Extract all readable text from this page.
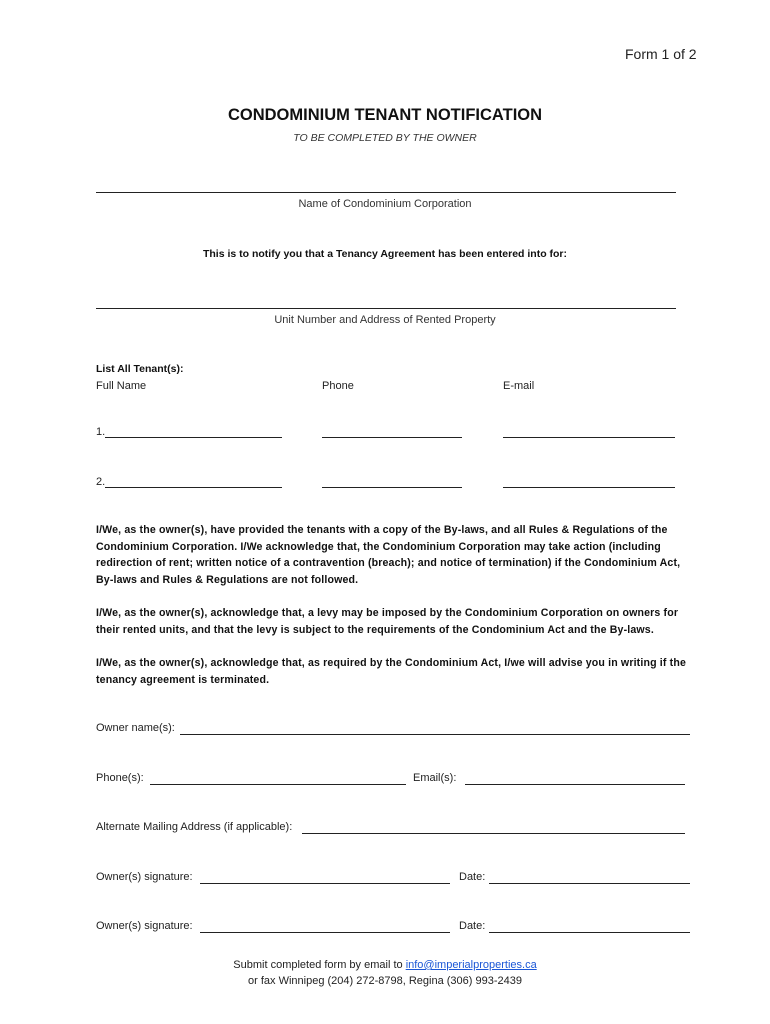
Form 1 of 2

CONDOMINIUM TENANT NOTIFICATION

TO BE COMPLETED BY THE OWNER

Name of Condominium Corporation

This is to notify you that a Tenancy Agreement has been entered into for:

Unit Number and Address of Rented Property

List All Tenant(s):

Full Name	Phone	E-mail

1.

2.

I/We, as the owner(s), have provided the tenants with a copy of the By-laws, and all Rules & Regulations of the Condominium Corporation. I/We acknowledge that, the Condominium Corporation may take action (including redirection of rent; written notice of a contravention (breach); and notice of termination) if the Condominium Act, By-laws and Rules & Regulations are not followed.

I/We, as the owner(s), acknowledge that, a levy may be imposed by the Condominium Corporation on owners for their rented units, and that the levy is subject to the requirements of the Condominium Act and the By-laws.

I/We, as the owner(s), acknowledge that, as required by the Condominium Act, I/we will advise you in writing if the tenancy agreement is terminated.

Owner name(s):

Phone(s):	Email(s):

Alternate Mailing Address (if applicable):

Owner(s) signature:	Date:

Owner(s) signature:	Date:

Submit completed form by email to info@imperialproperties.ca

or fax Winnipeg (204) 272-8798, Regina (306) 993-2439
